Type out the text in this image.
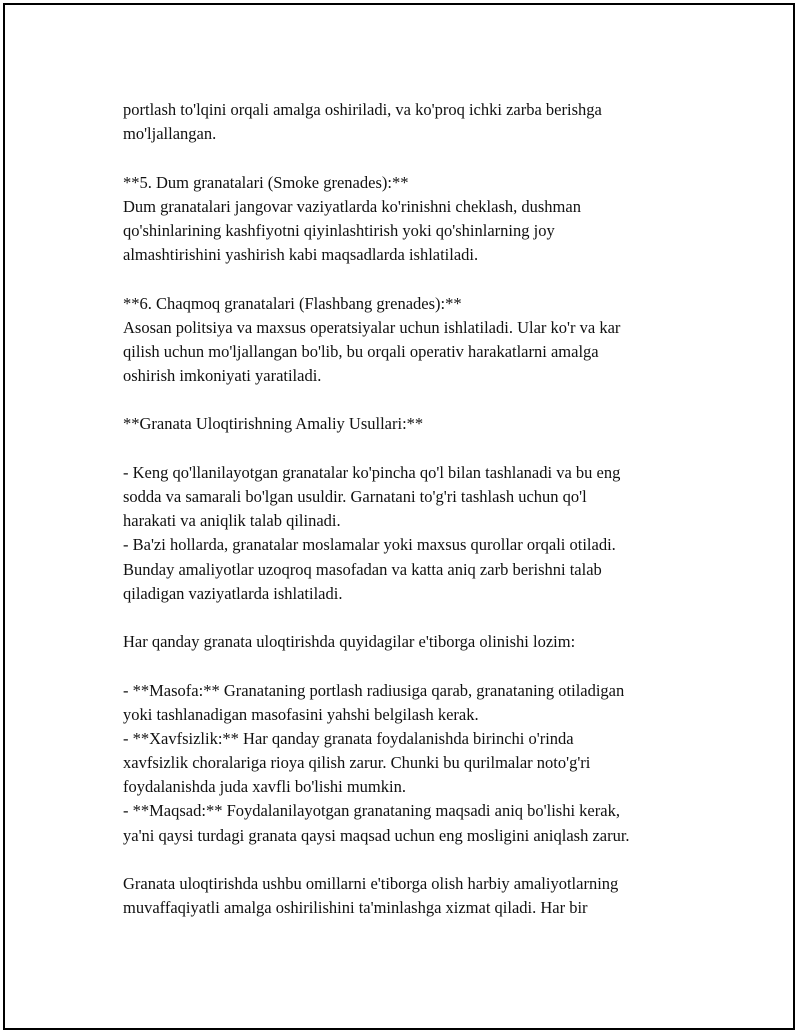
portlash to'lqini orqali amalga oshiriladi, va ko'proq ichki zarba berishga
mo'ljallangan.
**5. Dum granatalari (Smoke grenades):**
Dum granatalari jangovar vaziyatlarda ko'rinishni cheklash, dushman
qo'shinlarining kashfiyotni qiyinlashtirish yoki qo'shinlarning joy
almashtirishini yashirish kabi maqsadlarda ishlatiladi.
**6. Chaqmoq granatalari (Flashbang grenades):**
Asosan politsiya va maxsus operatsiyalar uchun ishlatiladi. Ular ko'r va kar
qilish uchun mo'ljallangan bo'lib, bu orqali operativ harakatlarni amalga
oshirish imkoniyati yaratiladi.
**Granata Uloqtirishning Amaliy Usullari:**
- Keng qo'llanilayotgan granatalar ko'pincha qo'l bilan tashlanadi va bu eng
sodda va samarali bo'lgan usuldir. Garnatani to'g'ri tashlash uchun qo'l
harakati va aniqlik talab qilinadi.
- Ba'zi hollarda, granatalar moslamalar yoki maxsus qurollar orqali otiladi.
Bunday amaliyotlar uzoqroq masofadan va katta aniq zarb berishni talab
qiladigan vaziyatlarda ishlatiladi.
Har qanday granata uloqtirishda quyidagilar e'tiborga olinishi lozim:
- **Masofa:** Granataning portlash radiusiga qarab, granataning otiladigan
yoki tashlanadigan masofasini yahshi belgilash kerak.
- **Xavfsizlik:** Har qanday granata foydalanishda birinchi o'rinda
xavfsizlik choralariga rioya qilish zarur. Chunki bu qurilmalar noto'g'ri
foydalanishda juda xavfli bo'lishi mumkin.
- **Maqsad:** Foydalanilayotgan granataning maqsadi aniq bo'lishi kerak,
ya'ni qaysi turdagi granata qaysi maqsad uchun eng mosligini aniqlash zarur.
Granata uloqtirishda ushbu omillarni e'tiborga olish harbiy amaliyotlarning
muvaffaqiyatli amalga oshirilishini ta'minlashga xizmat qiladi. Har bir
